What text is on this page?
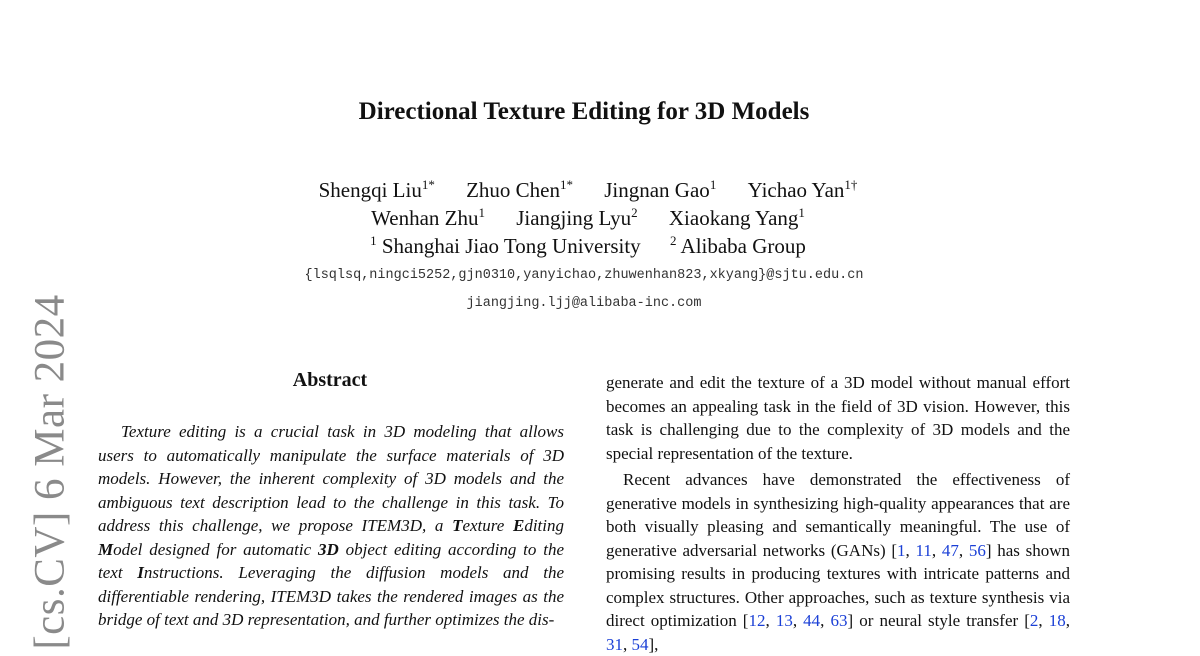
[cs.CV] 6 Mar 2024
Directional Texture Editing for 3D Models
Shengqi Liu$^{1*}$ Zhuo Chen$^{1*}$ Jingnan Gao$^1$ Yichao Yan$^{1\dagger}$
Wenhan Zhu$^1$ Jiangjing Lyu$^2$ Xiaokang Yang$^1$
$^1$ Shanghai Jiao Tong University $^2$ Alibaba Group
{lsqlsq,ningci5252,gjn0310,yanyichao,zhuwenhan823,xkyang}@sjtu.edu.cn
jiangjing.ljj@alibaba-inc.com
Abstract

Texture editing is a crucial task in 3D modeling that allows users to automatically manipulate the surface materials of 3D models. However, the inherent complexity of 3D models and the ambiguous text description lead to the challenge in this task. To address this challenge, we propose ITEM3D, a Texture Editing Model designed for automatic 3D object editing according to the text Instructions. Leveraging the diffusion models and the differentiable rendering, ITEM3D takes the rendered images as the bridge of text and 3D representation, and further optimizes the dis-

generate and edit the texture of a 3D model without manual effort becomes an appealing task in the field of 3D vision. However, this task is challenging due to the complexity of 3D models and the special representation of the texture.

Recent advances have demonstrated the effectiveness of generative models in synthesizing high-quality appearances that are both visually pleasing and semantically meaningful. The use of generative adversarial networks (GANs) [1, 11, 47, 56] has shown promising results in producing textures with intricate patterns and complex structures. Other approaches, such as texture synthesis via direct optimization [12, 13, 44, 63] or neural style transfer [2, 18, 31, 54],
